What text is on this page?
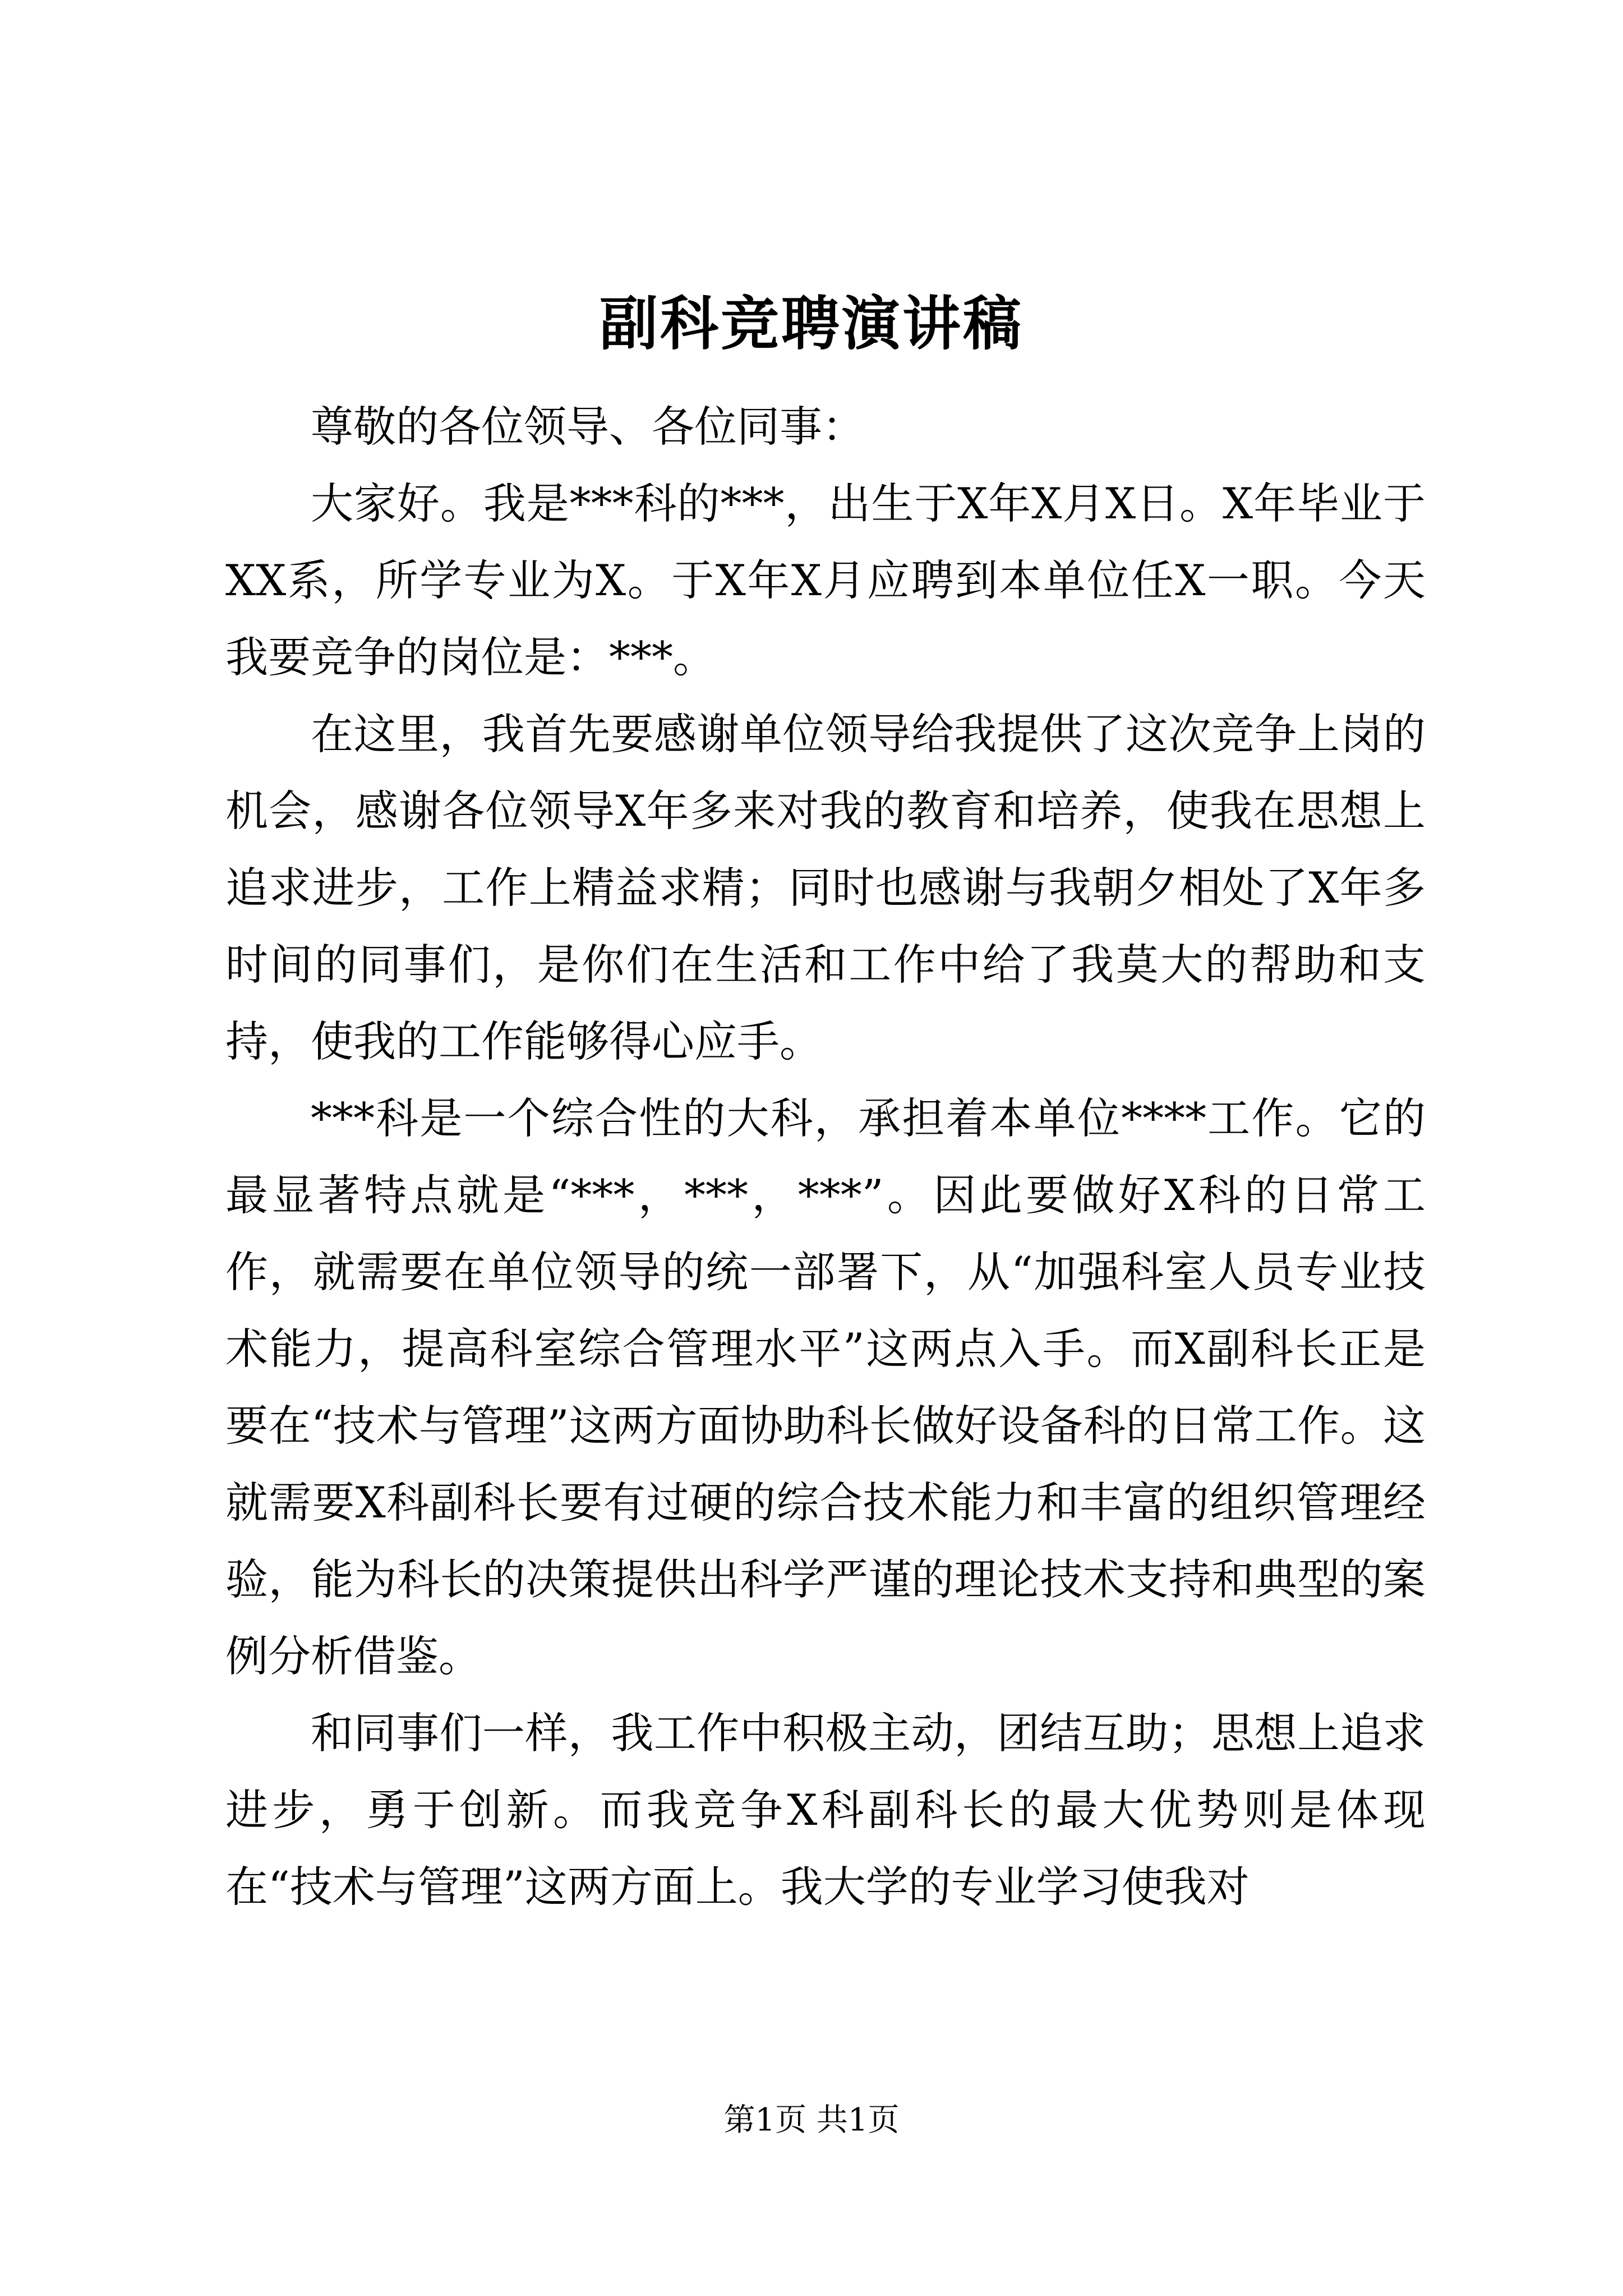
副科竞聘演讲稿

尊敬的各位领导、各位同事：

大家好。我是***科的***，出生于X年X月X日。X年毕业于XX系，所学专业为X。于X年X月应聘到本单位任X一职。今天我要竞争的岗位是：***。

在这里，我首先要感谢单位领导给我提供了这次竞争上岗的机会，感谢各位领导X年多来对我的教育和培养，使我在思想上追求进步，工作上精益求精；同时也感谢与我朝夕相处了X年多时间的同事们，是你们在生活和工作中给了我莫大的帮助和支持，使我的工作能够得心应手。

***科是一个综合性的大科，承担着本单位****工作。它的最显著特点就是“***，***，***”。因此要做好X科的日常工作，就需要在单位领导的统一部署下，从“加强科室人员专业技术能力，提高科室综合管理水平”这两点入手。而X副科长正是要在“技术与管理”这两方面协助科长做好设备科的日常工作。这就需要X科副科长要有过硬的综合技术能力和丰富的组织管理经验，能为科长的决策提供出科学严谨的理论技术支持和典型的案例分析借鉴。

和同事们一样，我工作中积极主动，团结互助；思想上追求进步，勇于创新。而我竞争X科副科长的最大优势则是体现在“技术与管理”这两方面上。我大学的专业学习使我对

第1页 共1页
